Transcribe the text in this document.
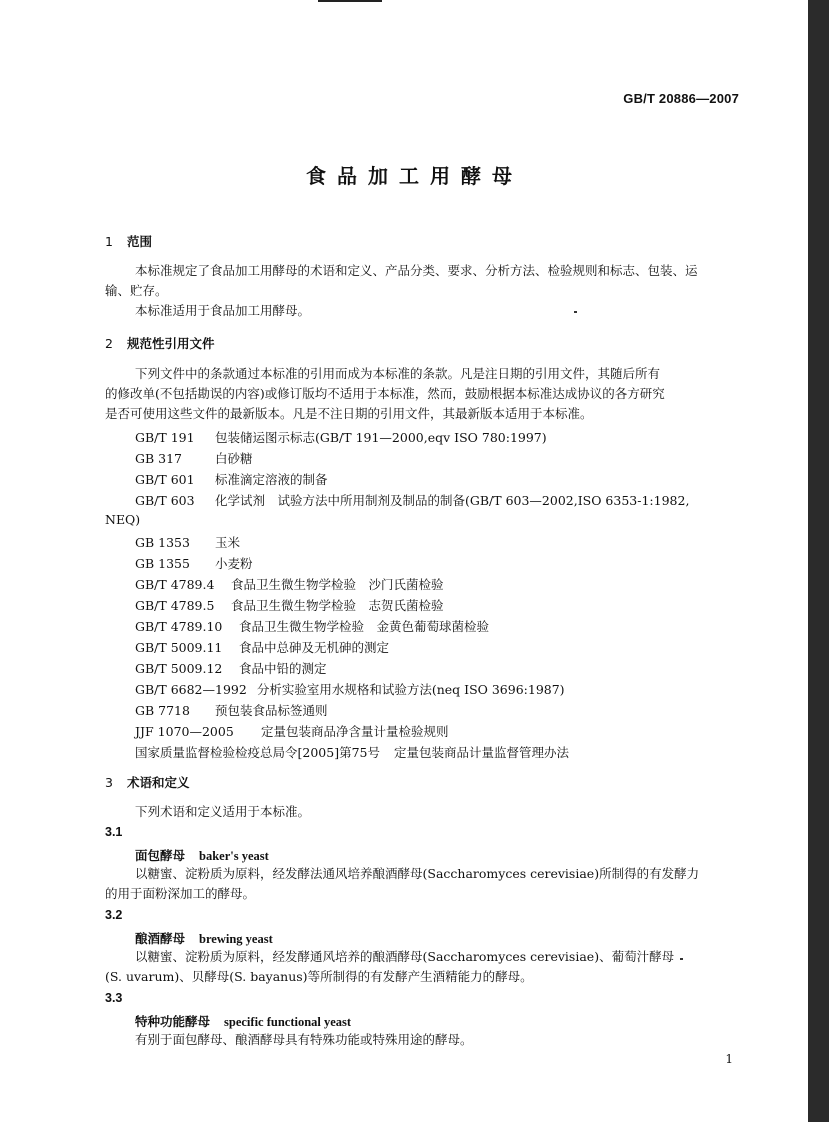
GB/T 20886—2007
食品加工用酵母
1 范围
本标准规定了食品加工用酵母的术语和定义、产品分类、要求、分析方法、检验规则和标志、包装、运
输、贮存。
本标准适用于食品加工用酵母。
2 规范性引用文件
下列文件中的条款通过本标准的引用而成为本标准的条款。凡是注日期的引用文件，其随后所有
的修改单(不包括勘误的内容)或修订版均不适用于本标准，然而，鼓励根据本标准达成协议的各方研究
是否可使用这些文件的最新版本。凡是不注日期的引用文件，其最新版本适用于本标准。
GB/T 191 包装储运图示标志(GB/T 191—2000,eqv ISO 780:1997)
GB 317	白砂糖
GB/T 601 标准滴定溶液的制备
GB/T 603 化学试剂　试验方法中所用制剂及制品的制备(GB/T 603—2002,ISO 6353-1:1982,
NEQ)
GB 1353 玉米
GB 1355 小麦粉
GB/T 4789.4 食品卫生微生物学检验　沙门氏菌检验
GB/T 4789.5 食品卫生微生物学检验　志贺氏菌检验
GB/T 4789.10 食品卫生微生物学检验　金黄色葡萄球菌检验
GB/T 5009.11 食品中总砷及无机砷的测定
GB/T 5009.12 食品中铅的测定
GB/T 6682—1992 分析实验室用水规格和试验方法(neq ISO 3696:1987)
GB 7718 预包装食品标签通则
JJF 1070—2005 定量包装商品净含量计量检验规则
国家质量监督检验检疫总局令[2005]第75号 定量包装商品计量监督管理办法
3 术语和定义
下列术语和定义适用于本标准。
3.1
面包酵母 baker's yeast
以糖蜜、淀粉质为原料，经发酵法通风培养酿酒酵母(Saccharomyces cerevisiae)所制得的有发酵力
的用于面粉深加工的酵母。
3.2
酿酒酵母 brewing yeast
以糖蜜、淀粉质为原料，经发酵通风培养的酿酒酵母(Saccharomyces cerevisiae)、葡萄汁酵母
(S. uvarum)、贝酵母(S. bayanus)等所制得的有发酵产生酒精能力的酵母。
3.3
特种功能酵母 specific functional yeast
有别于面包酵母、酿酒酵母具有特殊功能或特殊用途的酵母。
1
